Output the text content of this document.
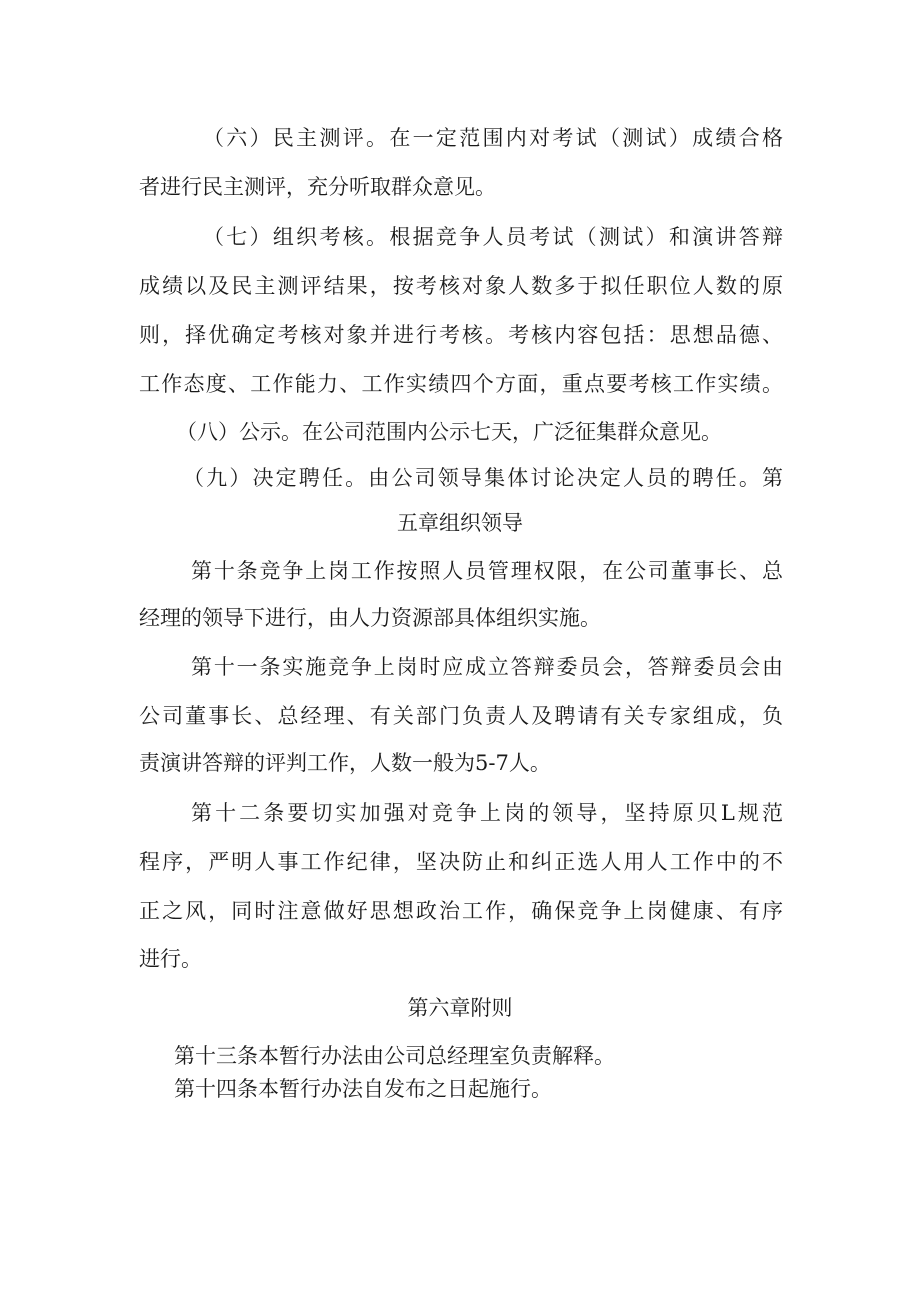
（六）民主测评。在一定范围内对考试（测试）成绩合格
者进行民主测评，充分听取群众意见。
（七）组织考核。根据竞争人员考试（测试）和演讲答辩
成绩以及民主测评结果，按考核对象人数多于拟任职位人数的原
则，择优确定考核对象并进行考核。考核内容包括：思想品德、
工作态度、工作能力、工作实绩四个方面，重点要考核工作实绩。
（八）公示。在公司范围内公示七天，广泛征集群众意见。
（九）决定聘任。由公司领导集体讨论决定人员的聘任。第
五章组织领导
第十条竞争上岗工作按照人员管理权限，在公司董事长、总
经理的领导下进行，由人力资源部具体组织实施。
第十一条实施竞争上岗时应成立答辩委员会，答辩委员会由
公司董事长、总经理、有关部门负责人及聘请有关专家组成，负
责演讲答辩的评判工作，人数一般为5-7人。
第十二条要切实加强对竞争上岗的领导，坚持原贝L规范
程序，严明人事工作纪律，坚决防止和纠正选人用人工作中的不
正之风，同时注意做好思想政治工作，确保竞争上岗健康、有序
进行。
第六章附则
第十三条本暂行办法由公司总经理室负责解释。
第十四条本暂行办法自发布之日起施行。
